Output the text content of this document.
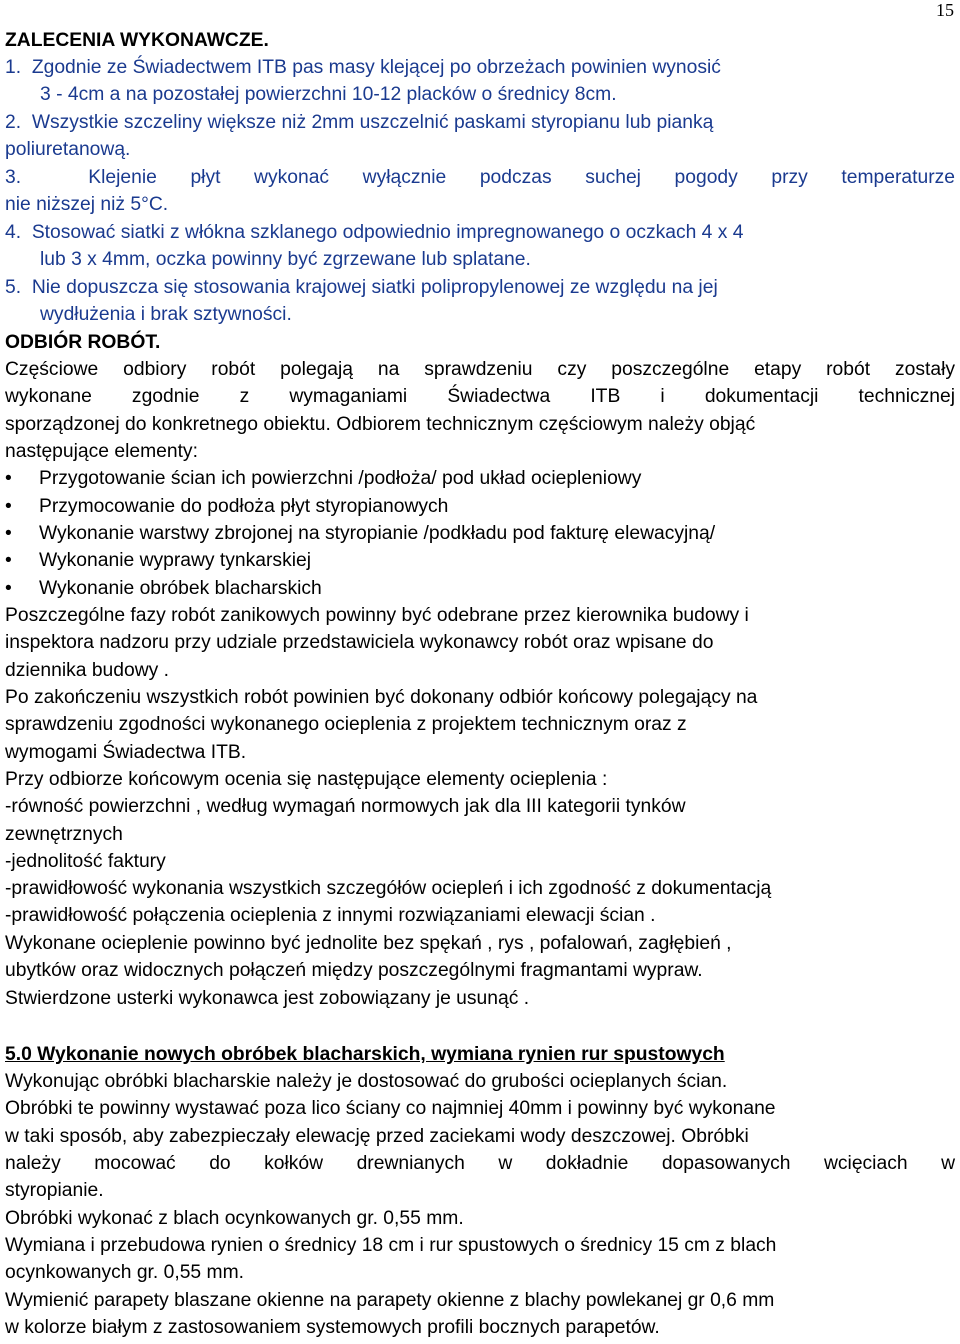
15
ZALECENIA WYKONAWCZE.
1. Zgodnie ze Świadectwem ITB pas masy klejącej po obrzeżach powinien wynosić
3 - 4cm a na pozostałej powierzchni 10-12 placków o średnicy 8cm.
2. Wszystkie szczeliny większe niż 2mm uszczelnić paskami styropianu lub pianką
poliuretanową.
3.	Klejenie płyt wykonać wyłącznie podczas suchej pogody przy temperaturze
nie niższej niż 5°C.
4. Stosować siatki z włókna szklanego odpowiednio impregnowanego o oczkach 4 x 4
lub 3 x 4mm, oczka powinny być zgrzewane lub splatane.
5. Nie dopuszcza się stosowania krajowej siatki polipropylenowej ze względu na jej
wydłużenia i brak sztywności.
ODBIÓR ROBÓT.
Częściowe odbiory robót polegają na sprawdzeniu czy poszczególne etapy robót zostały
wykonane zgodnie z wymaganiami Świadectwa ITB i dokumentacji technicznej
sporządzonej do konkretnego obiektu. Odbiorem technicznym częściowym należy objąć
następujące elementy:
• Przygotowanie ścian ich powierzchni /podłoża/ pod układ ociepleniowy
• Przymocowanie do podłoża płyt styropianowych
• Wykonanie warstwy zbrojonej na styropianie /podkładu pod fakturę elewacyjną/
• Wykonanie wyprawy tynkarskiej
• Wykonanie obróbek blacharskich
Poszczególne fazy robót zanikowych powinny być odebrane przez kierownika budowy i
inspektora nadzoru przy udziale przedstawiciela wykonawcy robót oraz wpisane do
dziennika budowy .
Po zakończeniu wszystkich robót powinien być dokonany odbiór końcowy polegający na
sprawdzeniu zgodności wykonanego ocieplenia z projektem technicznym oraz z
wymogami Świadectwa ITB.
Przy odbiorze końcowym ocenia się następujące elementy ocieplenia :
-równość powierzchni , według wymagań normowych jak dla III kategorii tynków
zewnętrznych
-jednolitość faktury
-prawidłowość wykonania wszystkich szczegółów ociepleń i ich zgodność z dokumentacją
-prawidłowość połączenia ocieplenia z innymi rozwiązaniami elewacji ścian .
Wykonane ocieplenie powinno być jednolite bez spękań , rys , pofalowań, zagłębień ,
ubytków oraz widocznych połączeń między poszczególnymi fragmantami wypraw.
Stwierdzone usterki wykonawca jest zobowiązany je usunąć .
5.0 Wykonanie nowych obróbek blacharskich, wymiana rynien rur spustowych
Wykonując obróbki blacharskie należy je dostosować do grubości ocieplanych ścian.
Obróbki te powinny wystawać poza lico ściany co najmniej 40mm i powinny być wykonane
w taki sposób, aby zabezpieczały elewację przed zaciekami wody deszczowej. Obróbki
należy mocować do kołków drewnianych w dokładnie dopasowanych wcięciach w
styropianie.
Obróbki wykonać z blach ocynkowanych gr. 0,55 mm.
Wymiana i przebudowa rynien o średnicy 18 cm i rur spustowych o średnicy 15 cm z blach
ocynkowanych gr. 0,55 mm.
Wymienić parapety blaszane okienne na parapety okienne z blachy powlekanej gr 0,6 mm
w kolorze białym z zastosowaniem systemowych profili bocznych parapetów.
